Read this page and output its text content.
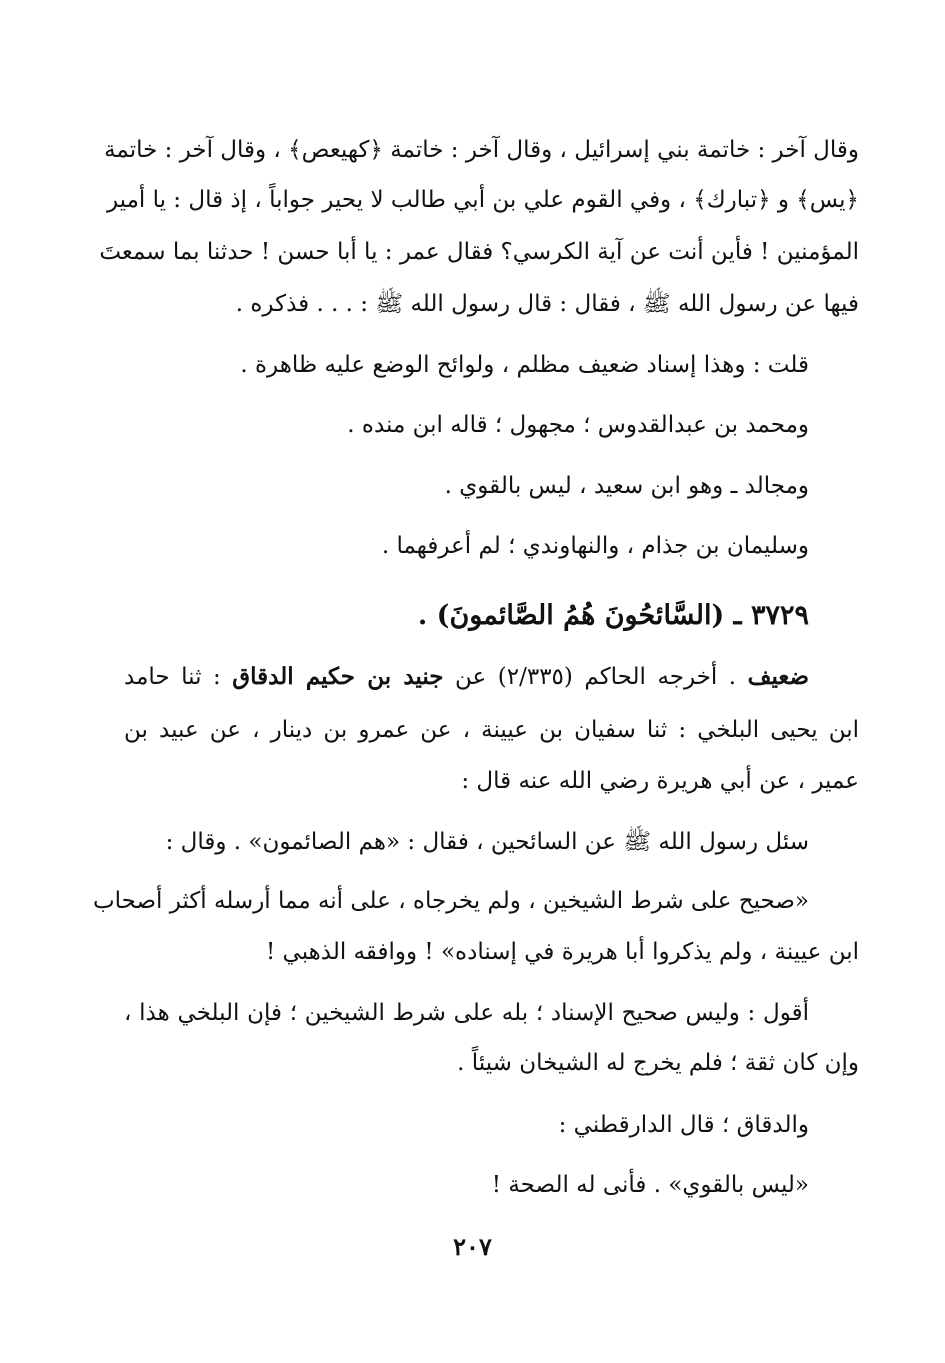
وقال آخر : خاتمة بني إسرائيل ، وقال آخر : خاتمة ﴿كهيعص﴾ ، وقال آخر : خاتمة
﴿يس﴾ و ﴿تبارك﴾ ، وفي القوم علي بن أبي طالب لا يحير جواباً ، إذ قال : يا أمير
المؤمنين ! فأين أنت عن آية الكرسي؟ فقال عمر : يا أبا حسن ! حدثنا بما سمعتَ
فيها عن رسول الله ﷺ ، فقال : قال رسول الله ﷺ : . . . فذكره .
قلت : وهذا إسناد ضعيف مظلم ، ولوائح الوضع عليه ظاهرة .
ومحمد بن عبدالقدوس ؛ مجهول ؛ قاله ابن منده .
ومجالد ـ وهو ابن سعيد ، ليس بالقوي .
وسليمان بن جذام ، والنهاوندي ؛ لم أعرفهما .
٣٧٢٩ ـ (السَّائحُونَ هُمُ الصَّائمونَ) .
ضعيف . أخرجه الحاكم (٢/٣٣٥) عن جنيد بن حكيم الدقاق : ثنا حامد
ابن يحيى البلخي : ثنا سفيان بن عيينة ، عن عمرو بن دينار ، عن عبيد بن
عمير ، عن أبي هريرة رضي الله عنه قال :
سئل رسول الله ﷺ عن السائحين ، فقال : «هم الصائمون» . وقال :
«صحيح على شرط الشيخين ، ولم يخرجاه ، على أنه مما أرسله أكثر أصحاب
ابن عيينة ، ولم يذكروا أبا هريرة في إسناده» ! ووافقه الذهبي !
أقول : وليس صحيح الإسناد ؛ بله على شرط الشيخين ؛ فإن البلخي هذا ،
وإن كان ثقة ؛ فلم يخرج له الشيخان شيئاً .
والدقاق ؛ قال الدارقطني :
«ليس بالقوي» . فأنى له الصحة !
٢٠٧
